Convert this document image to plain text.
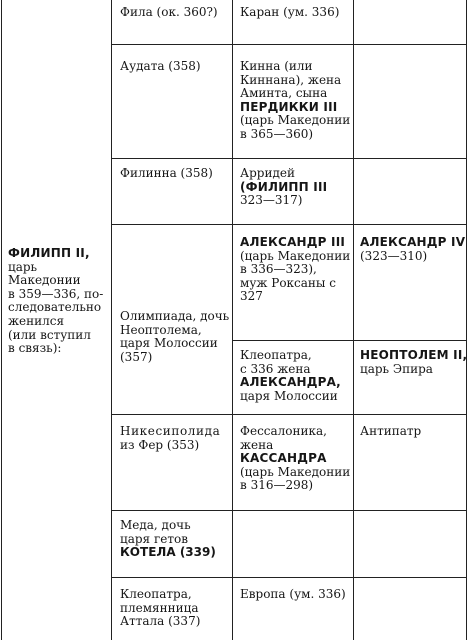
ФИЛИПП II,
царь
Македонии
в 359—336, по-
следовательно
женился
(или вступил
в связь):
Фила (ок. 360?) Каран (ум. 336)
Аудата (358)	Кинна (или
Киннана), жена
Аминта, сына
ПЕРДИККИ III
(царь Македонии
в 365—360)
Филинна (358) Арридей
(ФИЛИПП III
323—317)
Олимпиада, дочь
Неоптолема,
царя Молоссии
(357)
АЛЕКСАНДР III
(царь Македонии
в 336—323),
муж Роксаны с
327
АЛЕКСАНДР IV
(323—310)
Клеопатра,
с 336 жена
АЛЕКСАНДРА,
царя Молоссии
НЕОПТОЛЕМ II,
царь Эпира
Никесиполида
из Фер (353)
Фессалоника,
жена
КАССАНДРА
(царь Македонии
в 316—298)
Антипатр
Меда, дочь
царя гетов
КОТЕЛА (339)
Клеопатра,
племянница
Аттала (337)
Европа (ум. 336)
